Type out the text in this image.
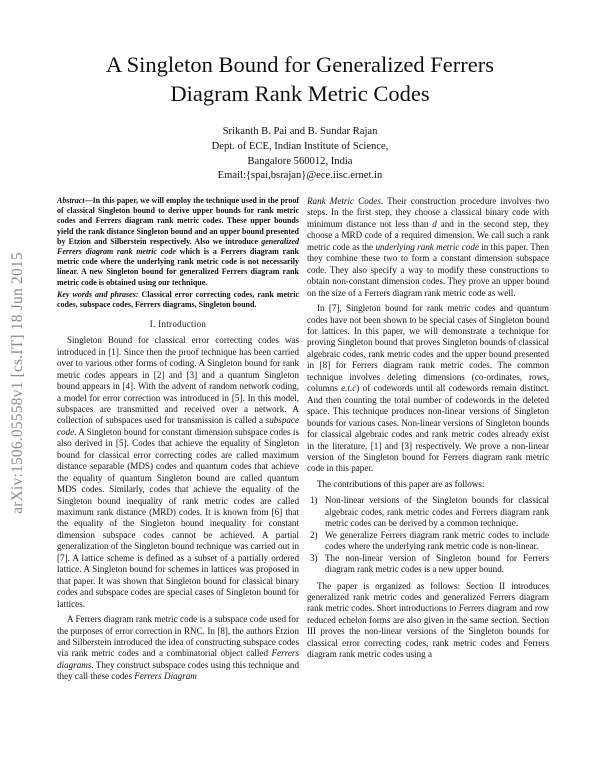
arXiv:1506.05558v1 [cs.IT] 18 Jun 2015
A Singleton Bound for Generalized Ferrers
Diagram Rank Metric Codes
Srikanth B. Pai and B. Sundar Rajan
Dept. of ECE, Indian Institute of Science,
Bangalore 560012, India
Email:{spai,bsrajan}@ece.iisc.ernet.in

Abstract—In this paper, we will employ the technique used in the proof of classical Singleton bound to derive upper bounds for rank metric codes and Ferrers diagram rank metric codes. These upper bounds yield the rank distance Singleton bound and an upper bound presented by Etzion and Silberstein respectively. Also we introduce generalized Ferrers diagram rank metric code which is a Ferrers diagram rank metric code where the underlying rank metric code is not necessarily linear. A new Singleton bound for generalized Ferrers diagram rank metric code is obtained using our technique.

Key words and phrases: Classical error correcting codes, rank metric codes, subspace codes, Ferrers diagrams, Singleton bound.

I. Introduction

Singleton Bound for classical error correcting codes was introduced in [1]. Since then the proof technique has been carried over to various other forms of coding. A Singleton bound for rank metric codes appears in [2] and [3] and a quantum Singleton bound appears in [4]. With the advent of random network coding, a model for error correction was introduced in [5]. In this model, subspaces are transmitted and received over a network. A collection of subspaces used for transmission is called a subspace code. A Singleton bound for constant dimension subspace codes is also derived in [5]. Codes that achieve the equality of Singleton bound for classical error correcting codes are called maximum distance separable (MDS) codes and quantum codes that achieve the equality of quantum Singleton bound are called quantum MDS codes. Similarly, codes that achieve the equality of the Singleton bound inequality of rank metric codes are called maximum rank distance (MRD) codes. It is known from [6] that the equality of the Singleton bound inequality for constant dimension subspace codes cannot be achieved. A partial generalization of the Singleton bound technique was carried out in [7]. A lattice scheme is defined as a subset of a partially ordered lattice. A Singleton bound for schemes in lattices was proposed in that paper. It was shown that Singleton bound for classical binary codes and subspace codes are special cases of Singleton bound for lattices.

A Ferrers diagram rank metric code is a subspace code used for the purposes of error correction in RNC. In [8], the authors Etzion and Silberstein introduced the idea of constructing subspace codes via rank metric codes and a combinatorial object called Ferrers diagrams. They construct subspace codes using this technique and they call these codes Ferrers Diagram

Rank Metric Codes. Their construction procedure involves two steps. In the first step, they choose a classical binary code with minimum distance not less than d and in the second step, they choose a MRD code of a required dimension. We call such a rank metric code as the underlying rank metric code in this paper. Then they combine these two to form a constant dimension subspace code. They also specify a way to modify these constructions to obtain non-constant dimension codes. They prove an upper bound on the size of a Ferrers diagram rank metric code as well.

In [7], Singleton bound for rank metric codes and quantum codes have not been shown to be special cases of Singleton bound for lattices. In this paper, we will demonstrate a technique for proving Singleton bound that proves Singleton bounds of classical algebraic codes, rank metric codes and the upper bound presented in [8] for Ferrers diagram rank metric codes. The common technique involves deleting dimensions (co-ordinates, rows, columns e.t.c) of codewords until all codewords remain distinct. And then counting the total number of codewords in the deleted space. This technique produces non-linear versions of Singleton bounds for various cases. Non-linear versions of Singleton bounds for classical algebraic codes and rank metric codes already exist in the literature, [1] and [3] respectively. We prove a non-linear version of the Singleton bound for Ferrers diagram rank metric code in this paper.

The contributions of this paper are as follows:

1) Non-linear versions of the Singleton bounds for classical algebraic codes, rank metric codes and Ferrers diagram rank metric codes can be derived by a common technique.
2) We generalize Ferrers diagram rank metric codes to include codes where the underlying rank metric code is non-linear.
3) The non-linear version of Singleton bound for Ferrers diagram rank metric codes is a new upper bound.

The paper is organized as follows: Section II introduces generalized rank metric codes and generalized Ferrers diagram rank metric codes. Short introductions to Ferrers diagram and row reduced echelon forms are also given in the same section. Section III proves the non-linear versions of the Singleton bounds for classical error correcting codes, rank metric codes and Ferrers diagram rank metric codes using a
